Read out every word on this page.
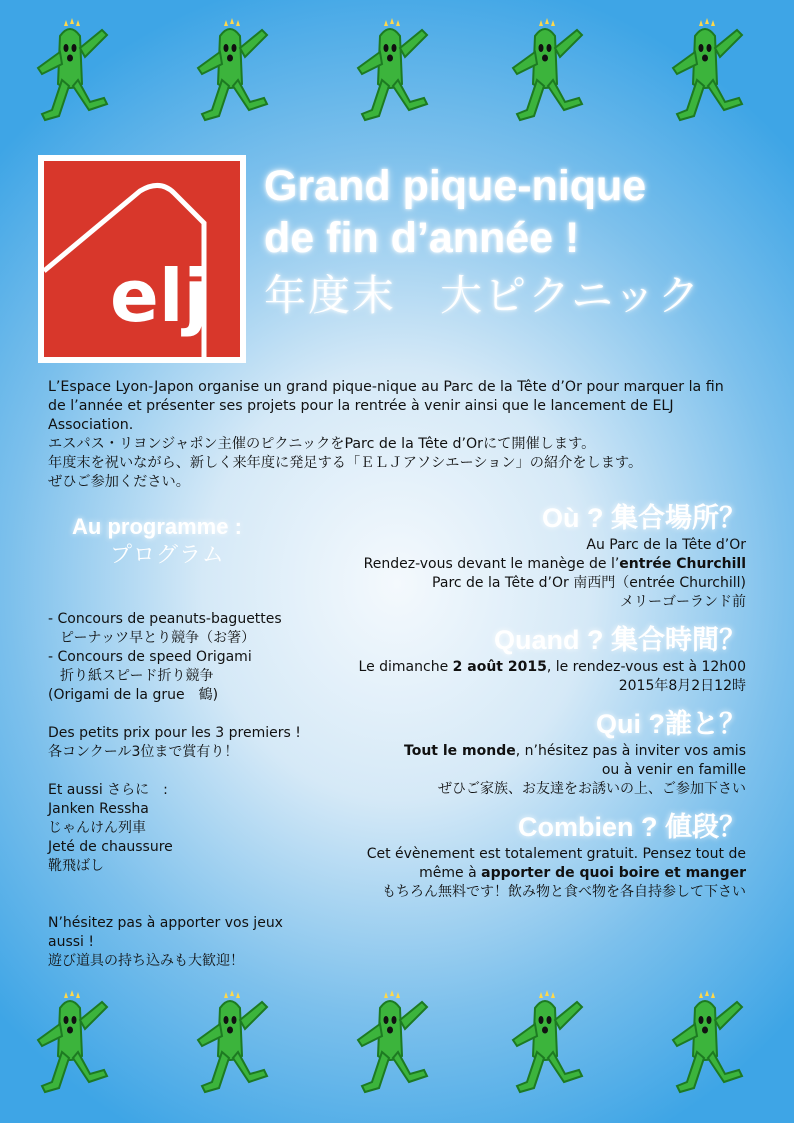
elj
Grand pique-nique
de fin d’année !
年度末　大ピクニック
L’Espace Lyon-Japon organise un grand pique-nique au Parc de la Tête d’Or pour marquer la fin de l’année et présenter ses projets pour la rentrée à venir ainsi que le lancement de ELJ Association.
エスパス・リヨンジャポン主催のピクニックをParc de la Tête d’Orにて開催します。
年度末を祝いながら、新しく来年度に発足する「ＥＬＪアソシエーション」の紹介をします。
ぜひご参加ください。
Au programme :
プログラム
- Concours de peanuts-baguettes
ピーナッツ早とり競争（お箸）
- Concours de speed Origami
折り紙スピード折り競争
(Origami de la grue　鶴)
Des petits prix pour les 3 premiers !
各コンクール3位まで賞有り！
Et aussi さらに　:
Janken Ressha
じゃんけん列車
Jeté de chaussure
靴飛ばし
N’hésitez pas à apporter vos jeux aussi !
遊び道具の持ち込みも大歓迎！
Où ? 集合場所？
Au Parc de la Tête d’Or
Rendez-vous devant le manège de l’entrée Churchill
Parc de la Tête d’Or 南西門（entrée Churchill)
メリーゴーランド前
Quand ? 集合時間？
Le dimanche 2 août 2015, le rendez-vous est à 12h00
2015年8月2日12時
Qui ?誰と？
Tout le monde, n’hésitez pas à inviter vos amis
ou à venir en famille
ぜひご家族、お友達をお誘いの上、ご参加下さい
Combien ? 値段？
Cet évènement est totalement gratuit. Pensez tout de
même à apporter de quoi boire et manger
もちろん無料です！飲み物と食べ物を各自持参して下さい
